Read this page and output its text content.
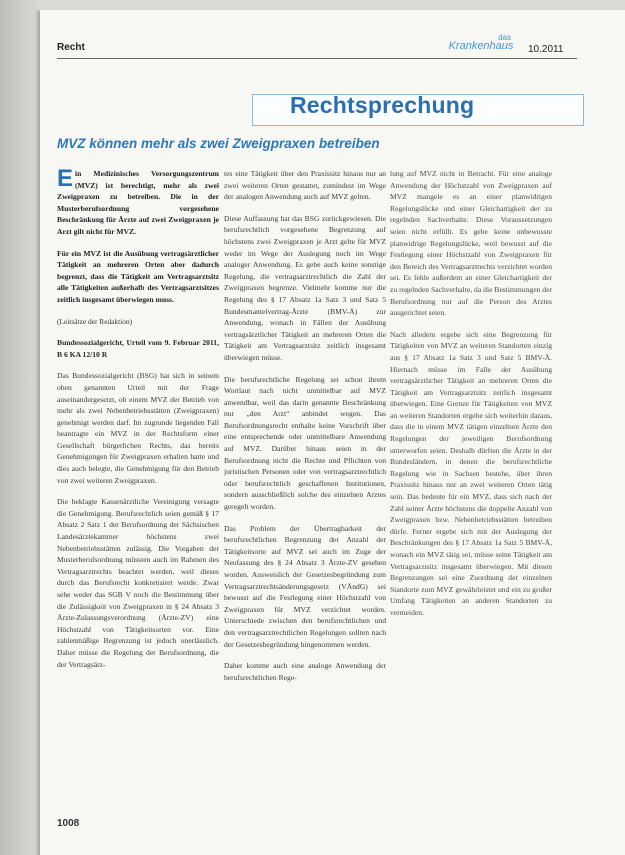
Recht
das
Krankenhaus	10.2011
Rechtsprechung
MVZ können mehr als zwei Zweigpraxen betreiben

Ein Medizinisches Versorgungszentrum (MVZ) ist berechtigt, mehr als zwei Zweigpraxen zu betreiben. Die in der Musterberufsordnung vorgesehene Beschränkung für Ärzte auf zwei Zweigpraxen je Arzt gilt nicht für MVZ.

Für ein MVZ ist die Ausübung vertragsärztlicher Tätigkeit an mehreren Orten aber dadurch begrenzt, dass die Tätigkeit am Vertragsarztsitz alle Tätigkeiten außerhalb des Vertragsarztsitzes zeitlich insgesamt überwiegen muss.

(Leitsätze der Redaktion)

Bundessozialgericht, Urteil vom 9. Februar 2011, B 6 KA 12/10 R

Das Bundessozialgericht (BSG) hat sich in seinem oben genannten Urteil mit der Frage auseinandergesetzt, ob einem MVZ der Betrieb von mehr als zwei Nebenbetriebsstätten (Zweigpraxen) genehmigt werden darf. Im zugrunde liegenden Fall beantragte ein MVZ in der Rechtsform einer Gesellschaft bürgerlichen Rechts, das bereits Genehmigungen für Zweigpraxen erhalten hatte und dies auch belegte, die Genehmigung für den Betrieb von zwei weiteren Zweigpraxen.

Die beklagte Kassenärztliche Vereinigung versagte die Genehmigung. Berufsrechtlich seien gemäß § 17 Absatz 2 Satz 1 der Berufsordnung der Sächsischen Landesärztekammer höchstens zwei Nebenbetriebsstätten zulässig. Die Vorgaben der Musterberufsordnung müssten auch im Rahmen des Vertragsarztrechts beachtet werden, weil dieses durch das Berufsrecht konkretisiert werde. Zwar sehe weder das SGB V noch die Bestimmung über die Zulässigkeit von Zweigpraxen in § 24 Absatz 3 Ärzte-Zulassungsverordnung (Ärzte-ZV) eine Höchstzahl von Tätigkeitsorten vor. Eine zahlenmäßige Begrenzung ist jedoch unerlässlich. Daher müsse die Regelung der Berufsordnung, die der Vertragsärz-

tes eine Tätigkeit über den Praxissitz hinaus nur an zwei weiteren Orten gestattet, zumindest im Wege der analogen Anwendung auch auf MVZ gelten.

Diese Auffassung hat das BSG zurückgewiesen. Die berufsrechtlich vorgesehene Begrenzung auf höchstens zwei Zweigpraxen je Arzt gelte für MVZ weder im Wege der Auslegung noch im Wege analoger Anwendung. Es gebe auch keine sonstige Regelung, die vertragsarztrechtlich die Zahl der Zweigpraxen begrenze. Vielmehr komme nur die Regelung des § 17 Absatz 1a Satz 3 und Satz 5 Bundesmantelvertrag-Ärzte (BMV-Ä) zur Anwendung, wonach in Fällen der Ausübung vertragsärztlicher Tätigkeit an mehreren Orten die Tätigkeit am Vertragsarztsitz zeitlich insgesamt überwiegen müsse.

Die berufsrechtliche Regelung sei schon ihrem Wortlaut nach nicht unmittelbar auf MVZ anwendbar, weil das darin genannte Beschränkung nur „den Arzt“ anbindet wegen. Das Berufsordnungsrecht enthalte keine Vorschrift über eine entsprechende oder unmittelbare Anwendung auf MVZ. Darüber hinaus seien in der Berufsordnung nicht die Rechte und Pflichten von juristischen Personen oder von vertragsarztrechtlich oder berufsrechtlich geschaffenen Institutionen, sondern ausschließlich solche des einzelnen Arztes geregelt worden.

Das Problem der Übertragbarkeit der berufsrechtlichen Begrenzung der Anzahl der Tätigkeitsorte auf MVZ sei auch im Zuge der Neufassung des § 24 Absatz 3 Ärzte-ZV gesehen worden. Ausweislich der Gesetzesbegründung zum Vertragsarztrechtsänderungsgesetz (VÄndG) sei bewusst auf die Festlegung einer Höchstzahl von Zweigpraxen für MVZ verzichtet worden. Unterschiede zwischen den berufsrechtlichen und den vertragsarztrechtlichen Regelungen sollten nach der Gesetzesbegründung hingenommen werden.

Daher komme auch eine analoge Anwendung der berufsrechtlichen Rege-

lung auf MVZ nicht in Betracht. Für eine analoge Anwendung der Höchstzahl von Zweigpraxen auf MVZ mangele es an einer planwidrigen Regelungslücke und einer Gleichartigkeit der zu regelnden Sachverhalte. Diese Voraussetzungen seien nicht erfüllt. Es gebe keine unbewusste planwidrige Regelungslücke, weil bewusst auf die Festlegung einer Höchstzahl von Zweigpraxen für den Bereich des Vertragsarztrechts verzichtet worden sei. Es fehle außerdem an einer Gleichartigkeit der zu regelnden Sachverhalte, da die Bestimmungen der Berufsordnung nur auf die Person des Arztes ausgerichtet seien.

Nach alledem ergebe sich eine Begrenzung für Tätigkeiten von MVZ an weiteren Standorten einzig aus § 17 Absatz 1a Satz 3 und Satz 5 BMV-Ä. Hiernach müsse im Falle der Ausübung vertragsärztlicher Tätigkeit an mehreren Orten die Tätigkeit am Vertragsarztsitz zeitlich insgesamt überwiegen. Eine Grenze für Tätigkeiten von MVZ an weiteren Standorten ergebe sich weiterhin daraus, dass die in einem MVZ tätigen einzelnen Ärzte den Regelungen der jeweiligen Berufsordnung unterworfen seien. Deshalb dürften die Ärzte in der Bundesländern, in denen die berufsrechtliche Regelung wie in Sachsen bestehe, über ihren Praxissitz hinaus nur an zwei weiteren Orten tätig sein. Das bedeute für ein MVZ, dass sich nach der Zahl seiner Ärzte höchstens die doppelte Anzahl von Zweigpraxen bzw. Nebenbetriebsstätten betreiben dürfe. Ferner ergebe sich mit der Auslegung der Beschränkungen des § 17 Absatz 1a Satz 5 BMV-Ä, wonach ein MVZ tätig sei, müsse seine Tätigkeit am Vertragsarztsitz insgesamt überwiegen. Mit diesen Begrenzungen sei eine Zuordnung der einzelnen Standorte zum MVZ gewährleistet und ein zu großer Umfang Tätigkeiten an anderen Standorten zu vermeiden.

1008
